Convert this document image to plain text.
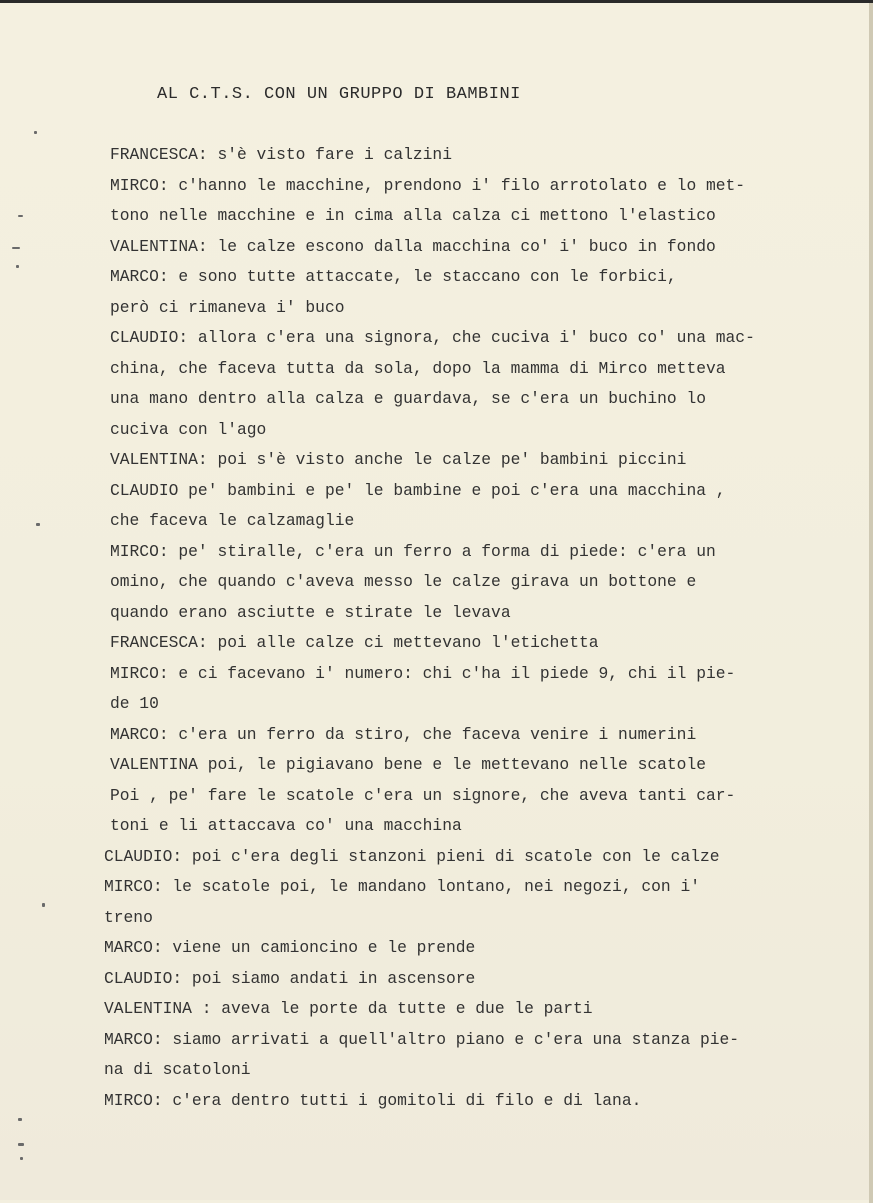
AL C.T.S. CON UN GRUPPO DI BAMBINI
FRANCESCA: s'è visto fare i calzini
MIRCO: c'hanno le macchine, prendono i' filo arrotolato e lo met-
tono nelle macchine e in cima alla calza ci mettono l'elastico
VALENTINA: le calze escono dalla macchina co' i' buco in fondo
MARCO: e sono tutte attaccate, le staccano con le forbici,
però ci rimaneva i' buco
CLAUDIO: allora c'era una signora, che cuciva i' buco co' una mac-
china, che faceva tutta da sola, dopo la mamma di Mirco metteva
una mano dentro alla calza e guardava, se c'era un buchino lo
cuciva con l'ago
VALENTINA: poi s'è visto anche le calze pe' bambini piccini
CLAUDIO pe' bambini e pe' le bambine e poi c'era una macchina ,
che faceva le calzamaglie
MIRCO: pe' stiralle, c'era un ferro a forma di piede: c'era un
omino, che quando c'aveva messo le calze girava un bottone e
quando erano asciutte e stirate le levava
FRANCESCA: poi alle calze ci mettevano l'etichetta
MIRCO: e ci facevano i' numero: chi c'ha il piede 9, chi il pie-
de 10
MARCO: c'era un ferro da stiro, che faceva venire i numerini
VALENTINA poi, le pigiavano bene e le mettevano nelle scatole
Poi , pe' fare le scatole c'era un signore, che aveva tanti car-
toni e li attaccava co' una macchina
CLAUDIO: poi c'era degli stanzoni pieni di scatole con le calze
MIRCO: le scatole poi, le mandano lontano, nei negozi, con i'
treno
MARCO: viene un camioncino e le prende
CLAUDIO: poi siamo andati in ascensore
VALENTINA : aveva le porte da tutte e due le parti
MARCO: siamo arrivati a quell'altro piano e c'era una stanza pie-
na di scatoloni
MIRCO: c'era dentro tutti i gomitoli di filo e di lana.
